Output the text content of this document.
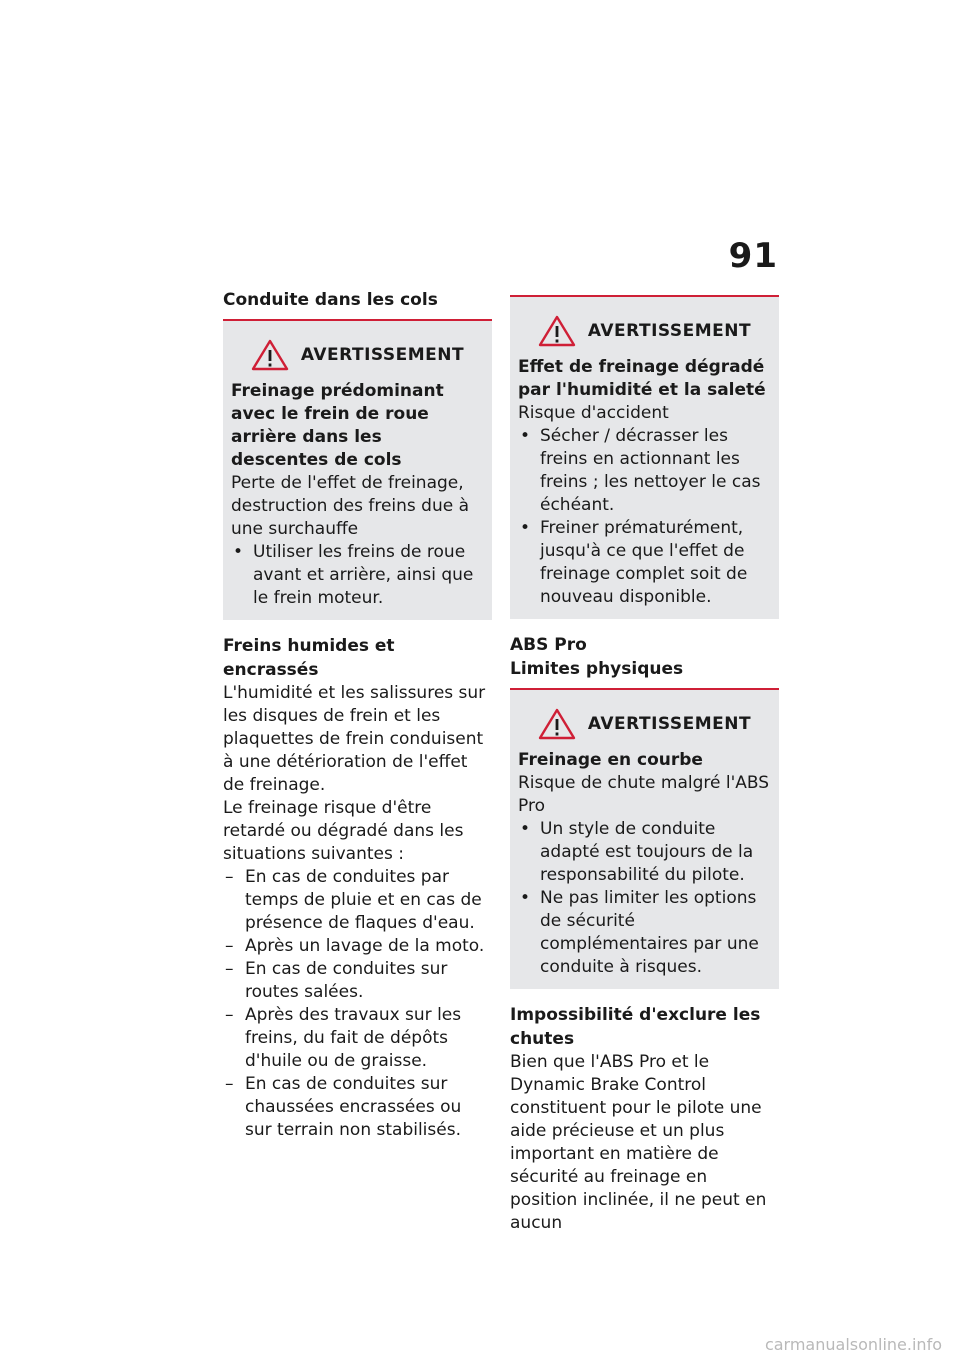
91
Conduite dans les cols
AVERTISSEMENT
Freinage prédominant avec le frein de roue arrière dans les descentes de cols
Perte de l'effet de freinage, destruction des freins due à une surchauffe
• Utiliser les freins de roue avant et arrière, ainsi que le frein moteur.
Freins humides et encrassés

L'humidité et les salissures sur les disques de frein et les plaquettes de frein conduisent à une détérioration de l'effet de freinage.

Le freinage risque d'être retardé ou dégradé dans les situations suivantes :

– En cas de conduites par temps de pluie et en cas de présence de flaques d'eau.
– Après un lavage de la moto.
– En cas de conduites sur routes salées.
– Après des travaux sur les freins, du fait de dépôts d'huile ou de graisse.
– En cas de conduites sur chaussées encrassées ou sur terrain non stabilisés.
AVERTISSEMENT
Effet de freinage dégradé par l'humidité et la saleté
Risque d'accident
• Sécher / décrasser les freins en actionnant les freins ; les nettoyer le cas échéant.
• Freiner prématurément, jusqu'à ce que l'effet de freinage complet soit de nouveau disponible.
ABS Pro
Limites physiques
AVERTISSEMENT
Freinage en courbe
Risque de chute malgré l'ABS Pro
• Un style de conduite adapté est toujours de la responsabilité du pilote.
• Ne pas limiter les options de sécurité complémentaires par une conduite à risques.
Impossibilité d'exclure les chutes

Bien que l'ABS Pro et le Dynamic Brake Control constituent pour le pilote une aide précieuse et un plus important en matière de sécurité au freinage en position inclinée, il ne peut en aucun

carmanualsonline.info
